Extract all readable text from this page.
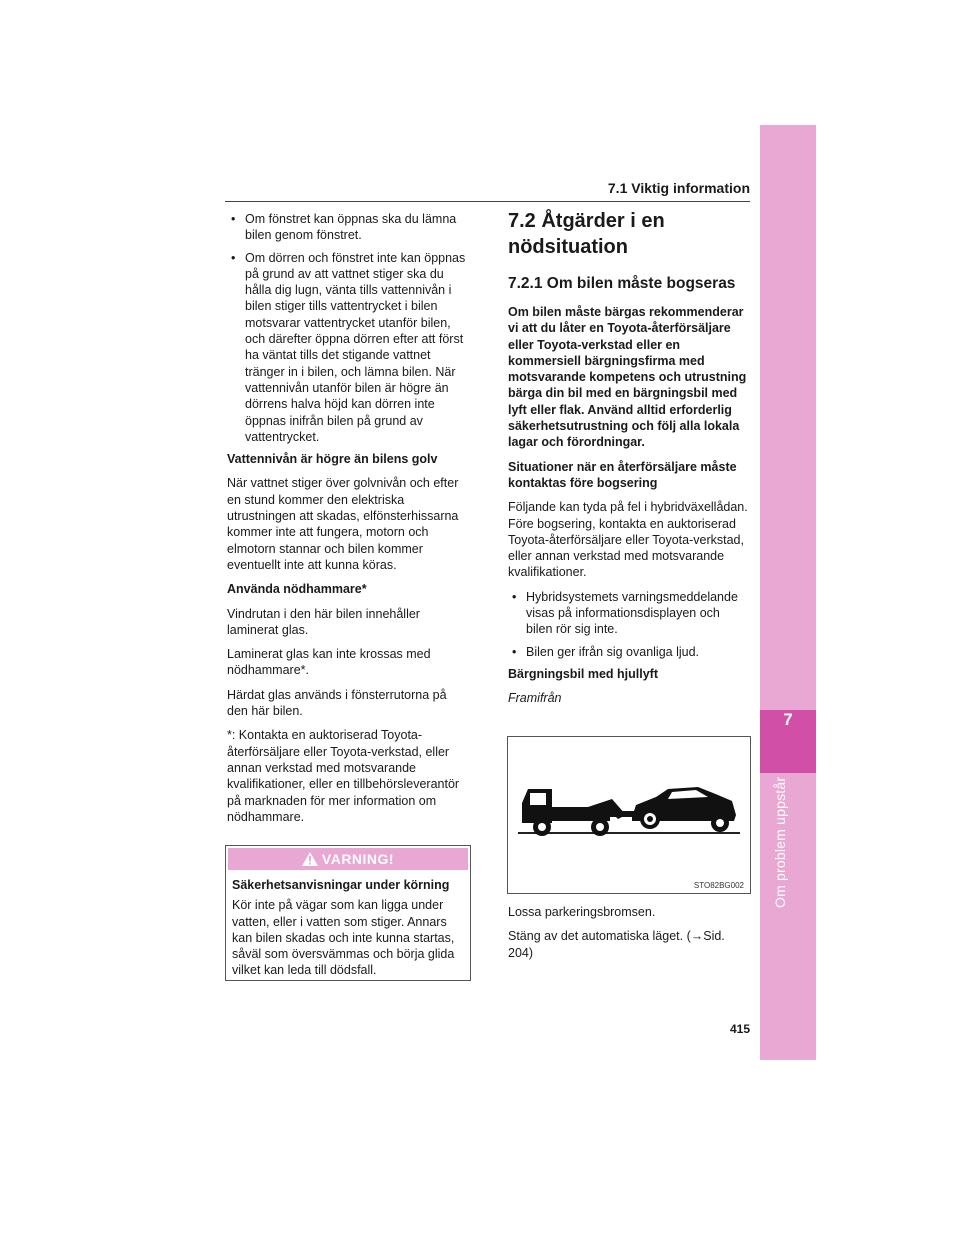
7
Om problem uppstår
7.1 Viktig information
• Om fönstret kan öppnas ska du lämna bilen genom fönstret.
• Om dörren och fönstret inte kan öppnas på grund av att vattnet stiger ska du hålla dig lugn, vänta tills vattennivån i bilen stiger tills vattentrycket i bilen motsvarar vattentrycket utanför bilen, och därefter öppna dörren efter att först ha väntat tills det stigande vattnet tränger in i bilen, och lämna bilen. När vattennivån utanför bilen är högre än dörrens halva höjd kan dörren inte öppnas inifrån bilen på grund av vattentrycket.

Vattennivån är högre än bilens golv

När vattnet stiger över golvnivån och efter en stund kommer den elektriska utrustningen att skadas, elfönsterhissarna kommer inte att fungera, motorn och elmotorn stannar och bilen kommer eventuellt inte att kunna köras.

Använda nödhammare*

Vindrutan i den här bilen innehåller laminerat glas.

Laminerat glas kan inte krossas med nödhammare*.

Härdat glas används i fönsterrutorna på den här bilen.

*: Kontakta en auktoriserad Toyota-återförsäljare eller Toyota-verkstad, eller annan verkstad med motsvarande kvalifikationer, eller en tillbehörsleverantör på marknaden för mer information om nödhammare.

VARNING!

Säkerhetsanvisningar under körning

Kör inte på vägar som kan ligga under vatten, eller i vatten som stiger. Annars kan bilen skadas och inte kunna startas, såväl som översvämmas och börja glida vilket kan leda till dödsfall.

7.2 Åtgärder i en
nödsituation
7.2.1 Om bilen måste bogseras

Om bilen måste bärgas rekommenderar vi att du låter en Toyota-återförsäljare eller Toyota-verkstad eller en kommersiell bärgningsfirma med motsvarande kompetens och utrustning bärga din bil med en bärgningsbil med lyft eller flak. Använd alltid erforderlig säkerhetsutrustning och följ alla lokala lagar och förordningar.

Situationer när en återförsäljare måste kontaktas före bogsering

Följande kan tyda på fel i hybridväxellådan. Före bogsering, kontakta en auktoriserad Toyota-återförsäljare eller Toyota-verkstad, eller annan verkstad med motsvarande kvalifikationer.

• Hybridsystemets varningsmeddelande visas på informationsdisplayen och bilen rör sig inte.
• Bilen ger ifrån sig ovanliga ljud.

Bärgningsbil med hjullyft

Framifrån

STO82BG002

Lossa parkeringsbromsen.

Stäng av det automatiska läget. (→Sid. 204)

415
